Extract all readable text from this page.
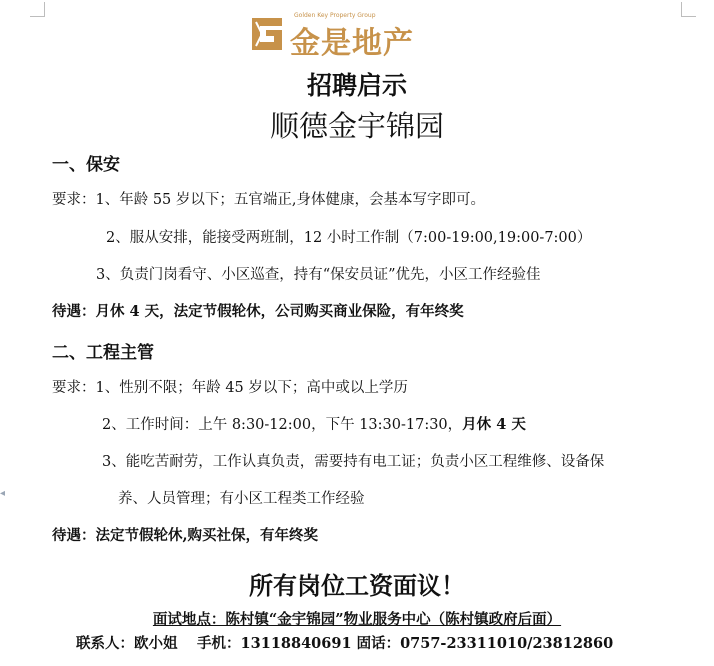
◂
Golden Key Property Group
金是地产
招聘启示
顺德金宇锦园
一、保安
要求：1、年龄 55 岁以下；五官端正,身体健康，会基本写字即可。
2、服从安排，能接受两班制，12 小时工作制（7:00-19:00,19:00-7:00）
3、负责门岗看守、小区巡查，持有“保安员证”优先，小区工作经验佳
待遇：月休 4 天，法定节假轮休，公司购买商业保险，有年终奖
二、工程主管
要求：1、性别不限；年龄 45 岁以下；高中或以上学历
2、工作时间：上午 8:30-12:00，下午 13:30-17:30，月休 4 天
3、能吃苦耐劳，工作认真负责，需要持有电工证；负责小区工程维修、设备保
养、人员管理；有小区工程类工作经验
待遇：法定节假轮休,购买社保，有年终奖
所有岗位工资面议！
面试地点：陈村镇“金宇锦园”物业服务中心（陈村镇政府后面）
联系人：欧小姐　 手机：13118840691 固话：0757-23311010/23812860
